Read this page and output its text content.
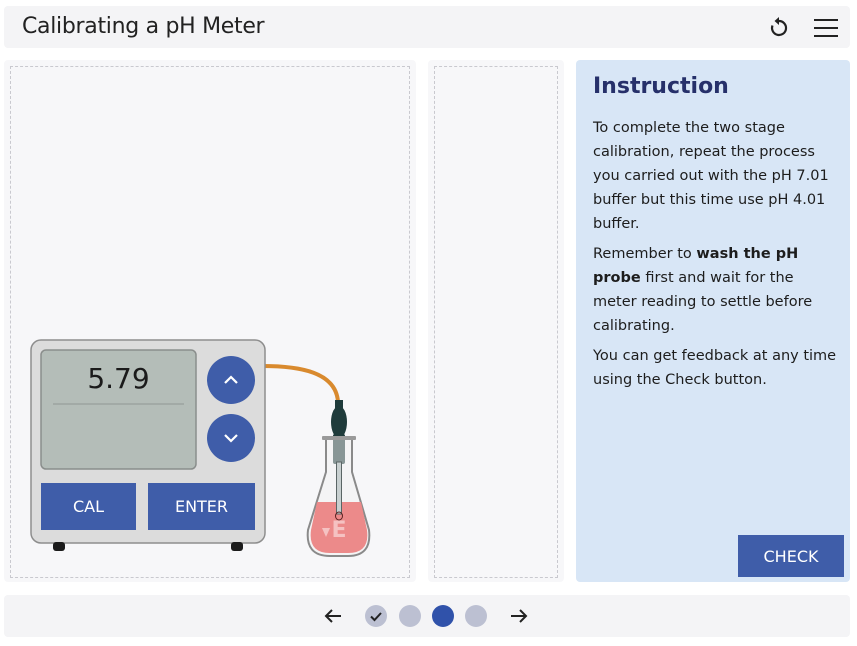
Calibrating a pH Meter
E
5.79
CAL	ENTER
Instruction

To complete the two stage calibration, repeat the process you carried out with the pH 7.01 buffer but this time use pH 4.01 buffer.

Remember to wash the pH probe first and wait for the meter reading to settle before calibrating.

You can get feedback at any time using the Check button.

CHECK
